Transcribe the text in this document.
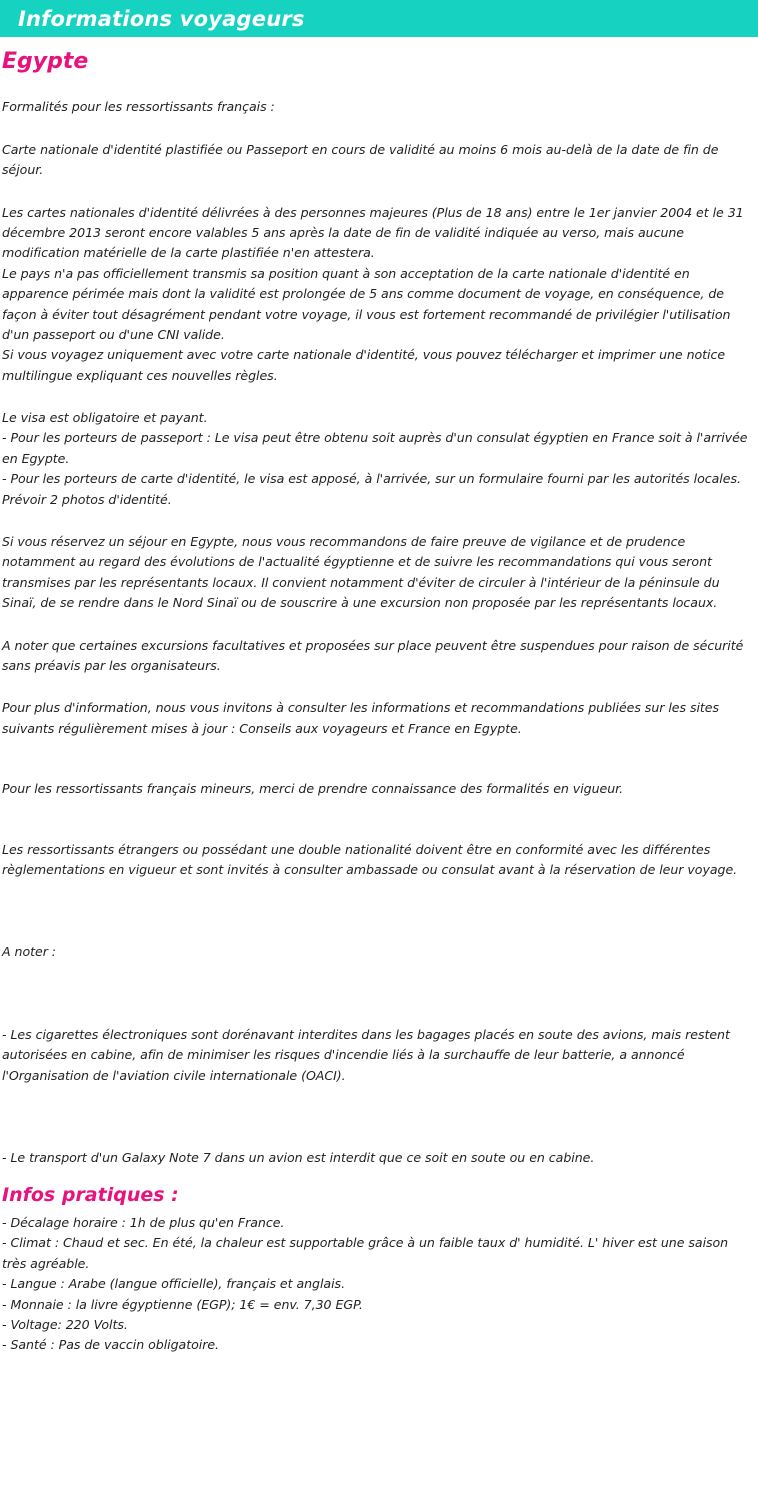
Informations voyageurs
Egypte

Formalités pour les ressortissants français :

Carte nationale d'identité plastifiée ou Passeport en cours de validité au moins 6 mois au-delà de la date de fin de séjour.

Les cartes nationales d'identité délivrées à des personnes majeures (Plus de 18 ans) entre le 1er janvier 2004 et le 31 décembre 2013 seront encore valables 5 ans après la date de fin de validité indiquée au verso, mais aucune modification matérielle de la carte plastifiée n'en attestera.

Le pays n'a pas officiellement transmis sa position quant à son acceptation de la carte nationale d'identité en apparence périmée mais dont la validité est prolongée de 5 ans comme document de voyage, en conséquence, de façon à éviter tout désagrément pendant votre voyage, il vous est fortement recommandé de privilégier l'utilisation d'un passeport ou d'une CNI valide.

Si vous voyagez uniquement avec votre carte nationale d'identité, vous pouvez télécharger et imprimer une notice multilingue expliquant ces nouvelles règles.

Le visa est obligatoire et payant.

- Pour les porteurs de passeport : Le visa peut être obtenu soit auprès d'un consulat égyptien en France soit à l'arrivée en Egypte.

- Pour les porteurs de carte d'identité, le visa est apposé, à l'arrivée, sur un formulaire fourni par les autorités locales.

Prévoir 2 photos d'identité.

Si vous réservez un séjour en Egypte, nous vous recommandons de faire preuve de vigilance et de prudence notamment au regard des évolutions de l'actualité égyptienne et de suivre les recommandations qui vous seront transmises par les représentants locaux. Il convient notamment d'éviter de circuler à l'intérieur de la péninsule du Sinaï, de se rendre dans le Nord Sinaï ou de souscrire à une excursion non proposée par les représentants locaux.

A noter que certaines excursions facultatives et proposées sur place peuvent être suspendues pour raison de sécurité sans préavis par les organisateurs.

Pour plus d'information, nous vous invitons à consulter les informations et recommandations publiées sur les sites suivants régulièrement mises à jour : Conseils aux voyageurs et France en Egypte.

Pour les ressortissants français mineurs, merci de prendre connaissance des formalités en vigueur.

Les ressortissants étrangers ou possédant une double nationalité doivent être en conformité avec les différentes règlementations en vigueur et sont invités à consulter ambassade ou consulat avant à la réservation de leur voyage.

A noter :

- Les cigarettes électroniques sont dorénavant interdites dans les bagages placés en soute des avions, mais restent autorisées en cabine, afin de minimiser les risques d'incendie liés à la surchauffe de leur batterie, a annoncé l'Organisation de l'aviation civile internationale (OACI).

- Le transport d'un Galaxy Note 7 dans un avion est interdit que ce soit en soute ou en cabine.

Infos pratiques :

- Décalage horaire : 1h de plus qu'en France.

- Climat : Chaud et sec. En été, la chaleur est supportable grâce à un faible taux d' humidité. L' hiver est une saison très agréable.

- Langue : Arabe (langue officielle), français et anglais.

- Monnaie : la livre égyptienne (EGP); 1€ = env. 7,30 EGP.

- Voltage: 220 Volts.

- Santé : Pas de vaccin obligatoire.
